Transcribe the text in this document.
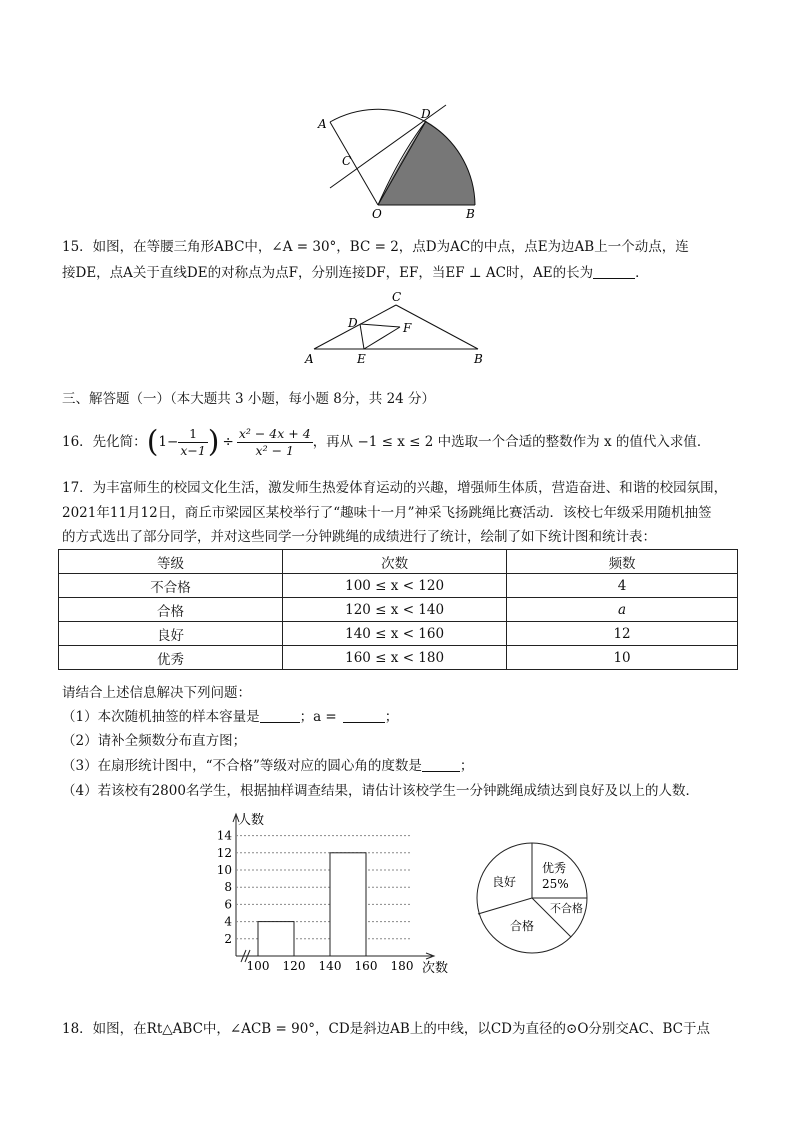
A
C
D
O	B
15．如图，在等腰三角形ABC中，∠A = 30°，BC = 2，点D为AC的中点，点E为边AB上一个动点，连
接DE，点A关于直线DE的对称点为点F，分别连接DF，EF，当EF ⊥ AC时，AE的长为	．
A	E	B
C
D	F
三、解答题（一）（本大题共 3 小题，每小题 8分，共 24 分）
16．先化简：($1- \frac{1}{x-1}$ ) ÷ $\frac{\text{x² − 4x + 4}}{\text{x² − 1}}$ ，再从 −1 ≤ x ≤ 2 中选取一个合适的整数作为 x 的值代入求值．
17．为丰富师生的校园文化生活，激发师生热爱体育运动的兴趣，增强师生体质，营造奋进、和谐的校园氛围，
2021年11月12日，商丘市梁园区某校举行了“趣味十一月”神采飞扬跳绳比赛活动．该校七年级采用随机抽签
的方式选出了部分同学，并对这些同学一分钟跳绳的成绩进行了统计，绘制了如下统计图和统计表：
等级	次数	频数
不合格	100 ≤ x < 120	4
合格	120 ≤ x < 140	a
良好	140 ≤ x < 160	12
优秀	160 ≤ x < 180	10
请结合上述信息解决下列问题：
（1）本次随机抽签的样本容量是	；a =	；
（2）请补全频数分布直方图；
（3）在扇形统计图中，“不合格”等级对应的圆心角的度数是	；
（4）若该校有2800名学生，根据抽样调查结果，请估计该校学生一分钟跳绳成绩达到良好及以上的人数．
人数
次数
2
4
6
8
10
12
14
100 120 140 160 180
优秀
25%
良好
合格
不合格
18．如图，在Rt△ABC中，∠ACB = 90°，CD是斜边AB上的中线，以CD为直径的⊙O分别交AC、BC于点
